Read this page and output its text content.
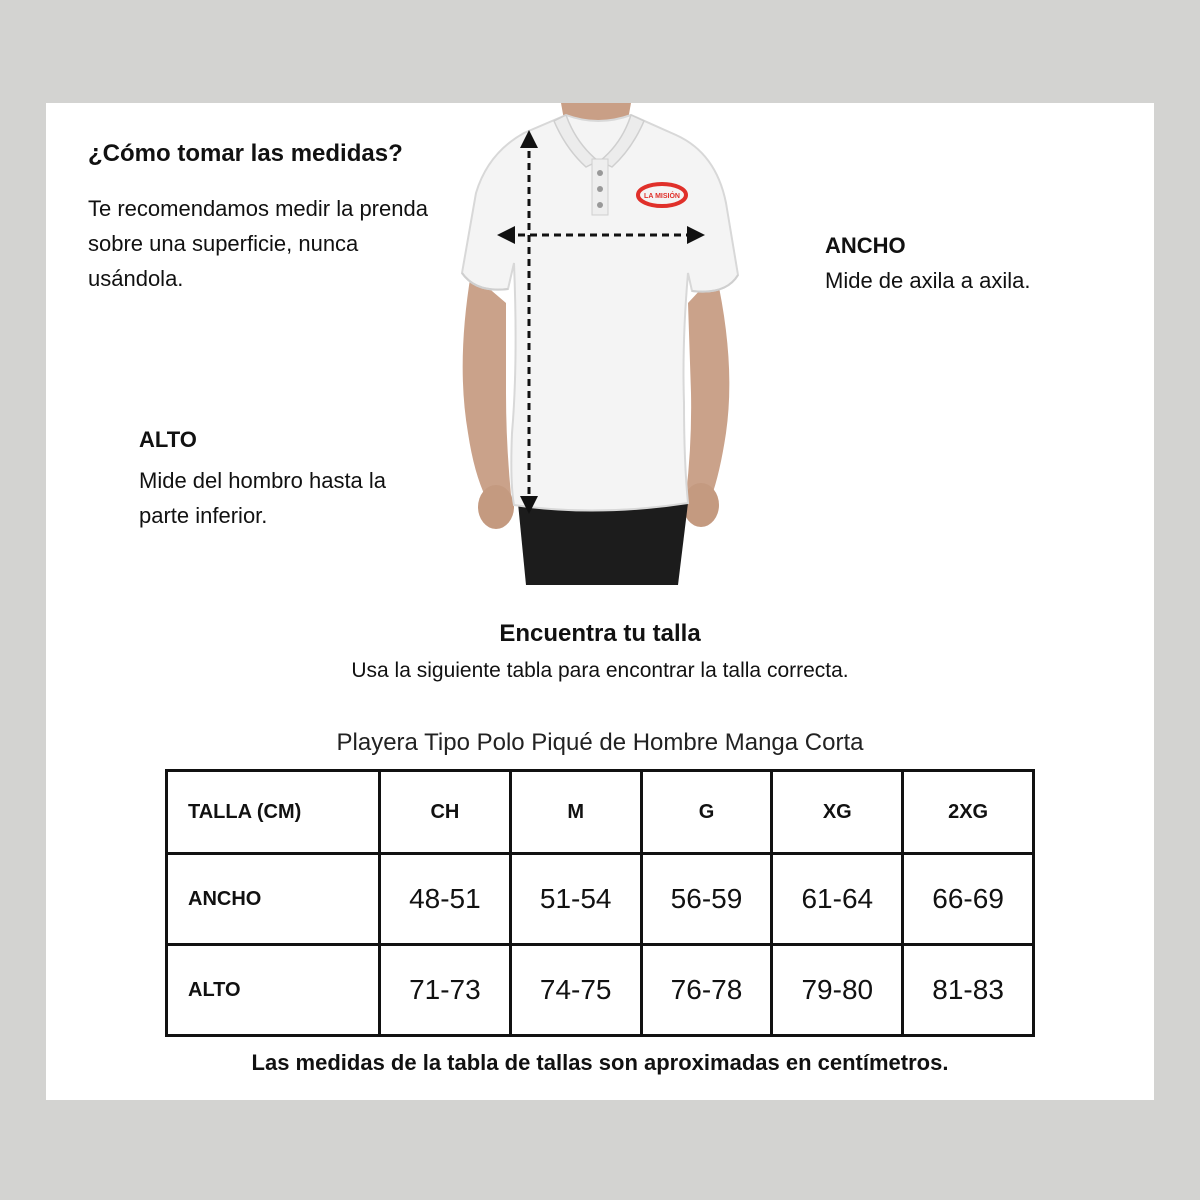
¿Cómo tomar las medidas?

Te recomendamos medir la prenda sobre una superficie, nunca usándola.

LA MISIÓN

ANCHO

Mide de axila a axila.

ALTO

Mide del hombro hasta la parte inferior.

Encuentra tu talla

Usa la siguiente tabla para encontrar la talla correcta.

Playera Tipo Polo Piqué de Hombre Manga Corta

TALLA (CM)	CH	M	G	XG	2XG
ANCHO	48-51	51-54	56-59	61-64	66-69
ALTO	71-73	74-75	76-78	79-80	81-83

Las medidas de la tabla de tallas son aproximadas en centímetros.
